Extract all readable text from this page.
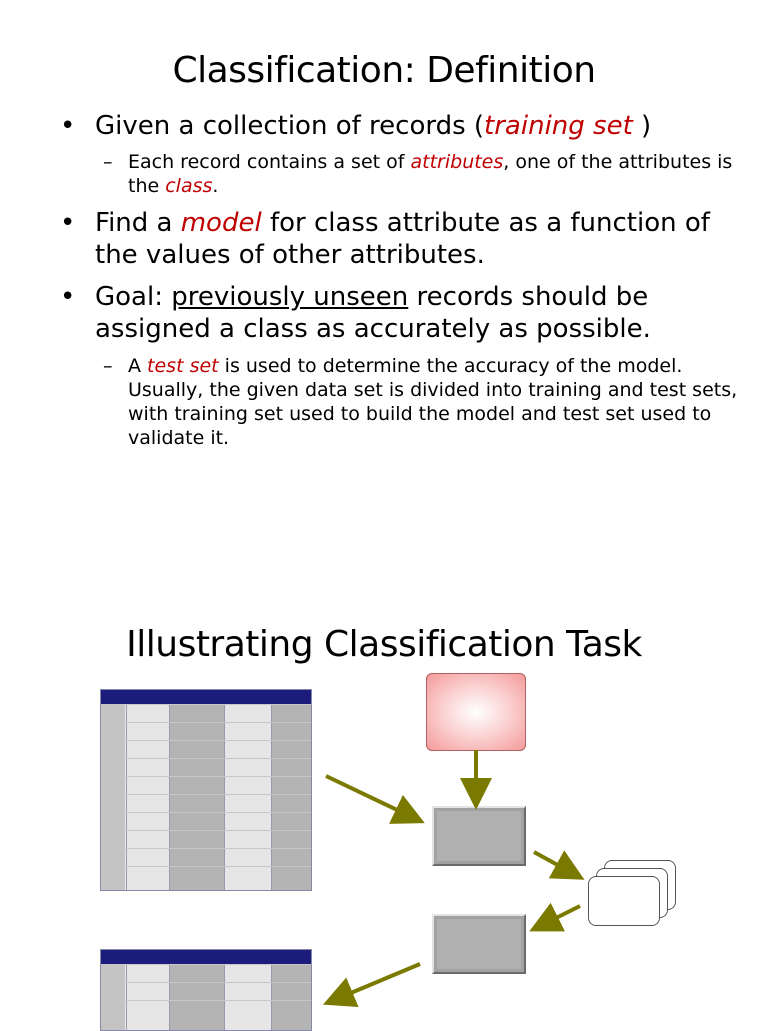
Classification: Definition
• Given a collection of records (training set )
– Each record contains a set of attributes, one of the attributes is the class.
• Find a model for class attribute as a function of the values of other attributes.
• Goal: previously unseen records should be assigned a class as accurately as possible.
– A test set is used to determine the accuracy of the model. Usually, the given data set is divided into training and test sets, with training set used to build the model and test set used to validate it.
Illustrating Classification Task
